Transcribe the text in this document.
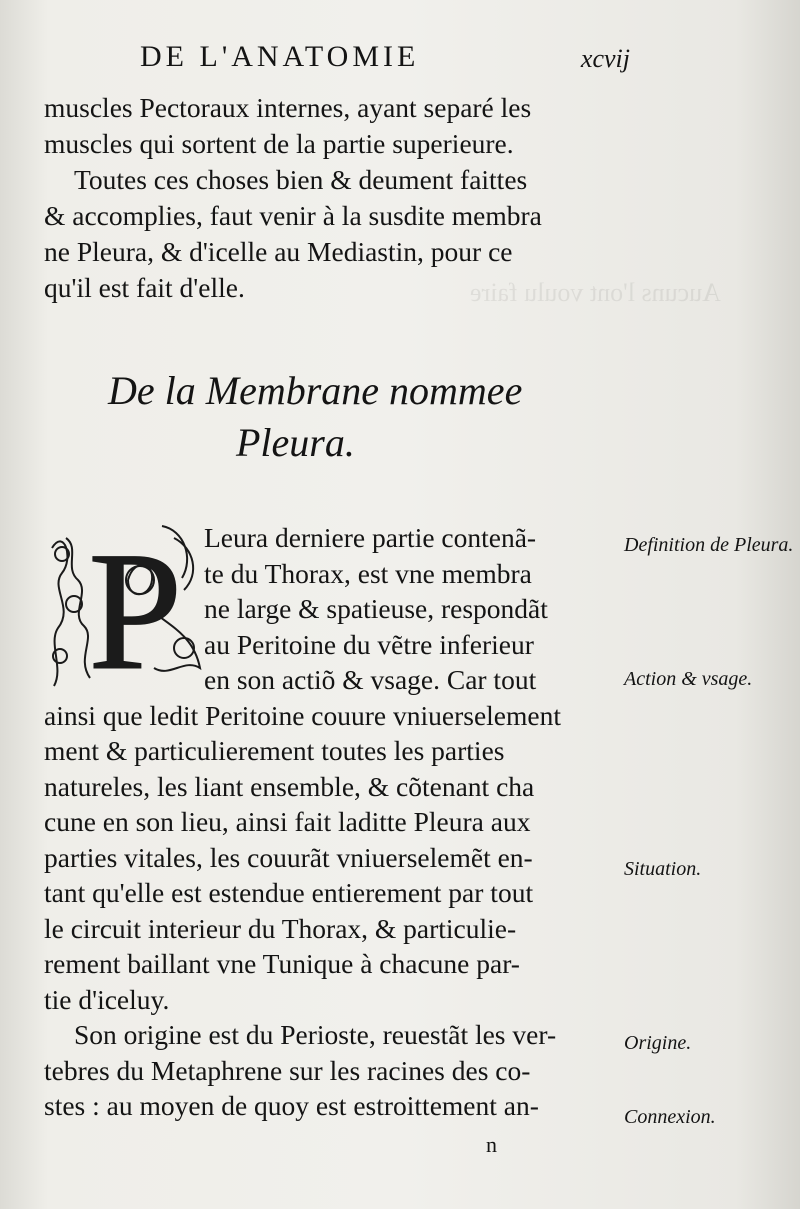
Aucuns l'ont voulu faire
DE L'ANATOMIE	xcvij
muscles Pectoraux internes, ayant separé les
muscles qui sortent de la partie superieure.
Toutes ces choses bien & deument faittes
& accomplies, faut venir à la susdite membra
ne Pleura, & d'icelle au Mediastin, pour ce
qu'il est fait d'elle.
De la Membrane nommee
Pleura.
P Leura derniere partie contenã-
te du Thorax, est vne membra
ne large & spatieuse, respondãt
au Peritoine du vẽtre inferieur
en son actiõ & vsage. Car tout
ainsi que ledit Peritoine couure vniuerselement
ment & particulierement toutes les parties
natureles, les liant ensemble, & cõtenant cha
cune en son lieu, ainsi fait laditte Pleura aux
parties vitales, les couurãt vniuerselemẽt en-
tant qu'elle est estendue entierement par tout
le circuit interieur du Thorax, & particulie-
rement baillant vne Tunique à chacune par-
tie d'iceluy.
Son origine est du Perioste, reuestãt les ver-
tebres du Metaphrene sur les racines des co-
stes : au moyen de quoy est estroittement an-
Definition de Pleura.
Action & vsage.
Situation.
Origine.
Connexion.
n
